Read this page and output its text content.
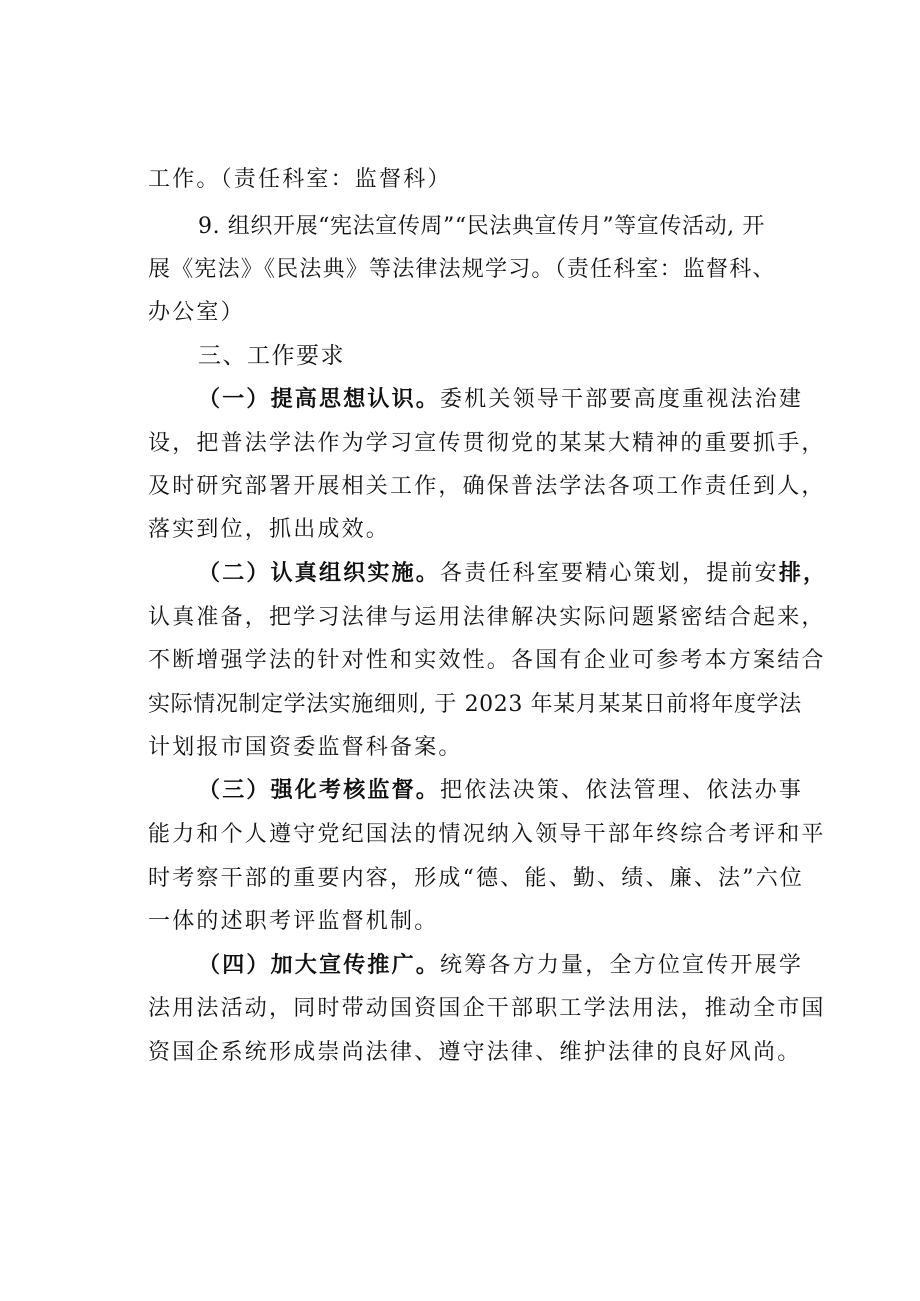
工作。（责任科室：监督科）
9. 组织开展“宪法宣传周”“民法典宣传月”等宣传活动, 开
展《宪法》《民法典》等法律法规学习。（责任科室：监督科、
办公室）
三、工作要求
（一）提高思想认识。委机关领导干部要高度重视法治建
设，把普法学法作为学习宣传贯彻党的某某大精神的重要抓手，
及时研究部署开展相关工作，确保普法学法各项工作责任到人，
落实到位，抓出成效。
（二）认真组织实施。各责任科室要精心策划，提前安排，
认真准备，把学习法律与运用法律解决实际问题紧密结合起来，
不断增强学法的针对性和实效性。各国有企业可参考本方案结合
实际情况制定学法实施细则, 于 2023 年某月某某日前将年度学法
计划报市国资委监督科备案。
（三）强化考核监督。把依法决策、依法管理、依法办事
能力和个人遵守党纪国法的情况纳入领导干部年终综合考评和平
时考察干部的重要内容，形成“德、能、勤、绩、廉、法”六位
一体的述职考评监督机制。
（四）加大宣传推广。统筹各方力量，全方位宣传开展学
法用法活动，同时带动国资国企干部职工学法用法，推动全市国
资国企系统形成崇尚法律、遵守法律、维护法律的良好风尚。
